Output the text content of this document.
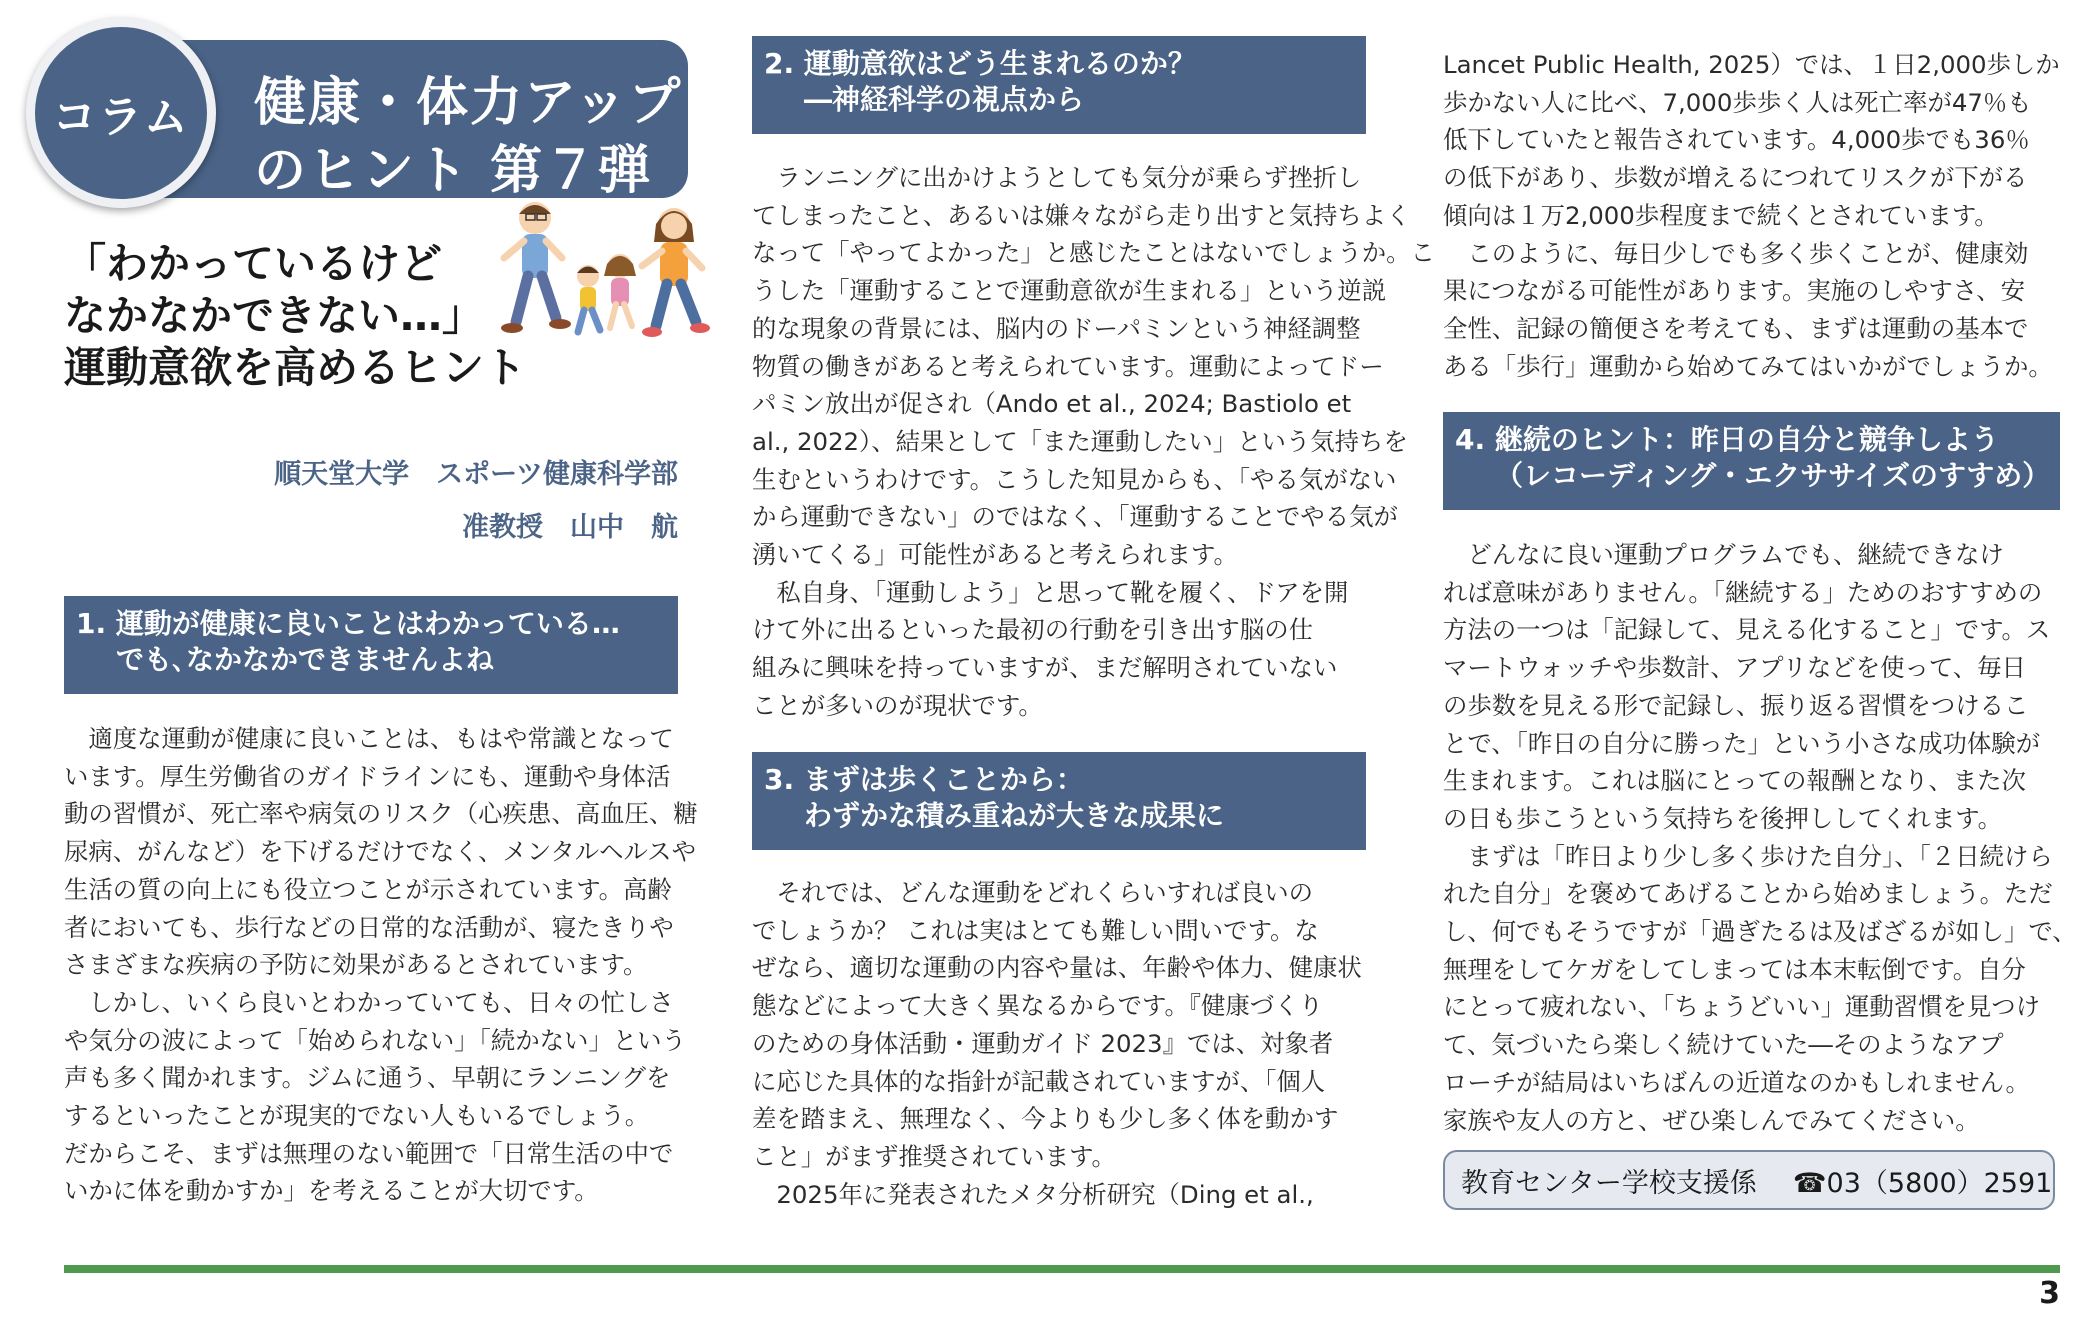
健康・体力アップ！
のヒント 第７弾
コラム
「わかっているけど
なかなかできない…」
運動意欲を高めるヒント
順天堂大学　スポーツ健康科学部
准教授　山中　航
1. 運動が健康に良いことはわかっている…
でも､なかなかできませんよね
　適度な運動が健康に良いことは、もはや常識となって
います。厚生労働省のガイドラインにも、運動や身体活
動の習慣が、死亡率や病気のリスク（心疾患、高血圧、糖
尿病、がんなど）を下げるだけでなく、メンタルヘルスや
生活の質の向上にも役立つことが示されています。高齢
者においても、歩行などの日常的な活動が、寝たきりや
さまざまな疾病の予防に効果があるとされています。
　しかし、いくら良いとわかっていても、日々の忙しさ
や気分の波によって「始められない」「続かない」という
声も多く聞かれます。ジムに通う、早朝にランニングを
するといったことが現実的でない人もいるでしょう。
だからこそ、まずは無理のない範囲で「日常生活の中で
いかに体を動かすか」を考えることが大切です。
2. 運動意欲はどう生まれるのか？
―神経科学の視点から
　ランニングに出かけようとしても気分が乗らず挫折し
てしまったこと、あるいは嫌々ながら走り出すと気持ちよく
なって「やってよかった」と感じたことはないでしょうか。こ
うした「運動することで運動意欲が生まれる」という逆説
的な現象の背景には、脳内のドーパミンという神経調整
物質の働きがあると考えられています。運動によってドー
パミン放出が促され（Ando et al., 2024; Bastiolo et
al., 2022）、結果として「また運動したい」という気持ちを
生むというわけです。こうした知見からも、「やる気がない
から運動できない」のではなく、「運動することでやる気が
湧いてくる」可能性があると考えられます。
　私自身、「運動しよう」と思って靴を履く、ドアを開
けて外に出るといった最初の行動を引き出す脳の仕
組みに興味を持っていますが、まだ解明されていない
ことが多いのが現状です。
3. まずは歩くことから：
わずかな積み重ねが大きな成果に
　それでは、どんな運動をどれくらいすれば良いの
でしょうか？ これは実はとても難しい問いです。な
ぜなら、適切な運動の内容や量は、年齢や体力、健康状
態などによって大きく異なるからです。『健康づくり
のための身体活動・運動ガイド 2023』では、対象者
に応じた具体的な指針が記載されていますが、「個人
差を踏まえ、無理なく、今よりも少し多く体を動かす
こと」がまず推奨されています。
　2025年に発表されたメタ分析研究（Ding et al.,
Lancet Public Health, 2025）では、１日2,000歩しか
歩かない人に比べ、7,000歩歩く人は死亡率が47％も
低下していたと報告されています。4,000歩でも36％
の低下があり、歩数が増えるにつれてリスクが下がる
傾向は１万2,000歩程度まで続くとされています。
　このように、毎日少しでも多く歩くことが、健康効
果につながる可能性があります。実施のしやすさ、安
全性、記録の簡便さを考えても、まずは運動の基本で
ある「歩行」運動から始めてみてはいかがでしょうか。
4. 継続のヒント：昨日の自分と競争しよう
（レコーディング・エクササイズのすすめ）
　どんなに良い運動プログラムでも、継続できなけ
れば意味がありません。「継続する」ためのおすすめの
方法の一つは「記録して、見える化すること」です。ス
マートウォッチや歩数計、アプリなどを使って、毎日
の歩数を見える形で記録し、振り返る習慣をつけるこ
とで、「昨日の自分に勝った」という小さな成功体験が
生まれます。これは脳にとっての報酬となり、また次
の日も歩こうという気持ちを後押ししてくれます。
　まずは「昨日より少し多く歩けた自分」、「２日続けら
れた自分」を褒めてあげることから始めましょう。ただ
し、何でもそうですが「過ぎたるは及ばざるが如し」で、
無理をしてケガをしてしまっては本末転倒です。自分
にとって疲れない、「ちょうどいい」運動習慣を見つけ
て、気づいたら楽しく続けていた―そのようなアプ
ローチが結局はいちばんの近道なのかもしれません。
家族や友人の方と、ぜひ楽しんでみてください。
教育センター学校支援係 ☎03（5800）2591
3
